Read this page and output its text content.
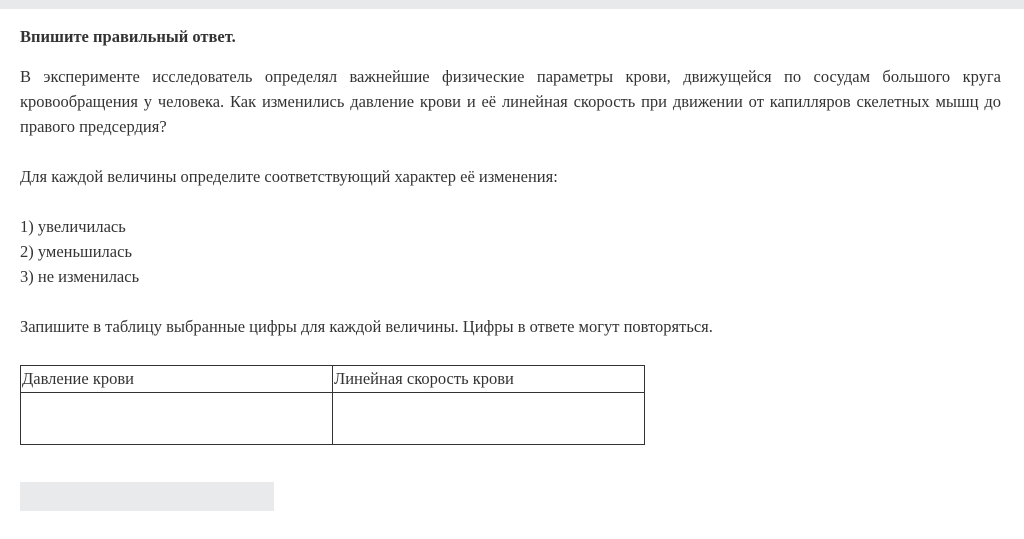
Впишите правильный ответ.

В эксперименте исследователь определял важнейшие физические параметры крови, движущейся по сосудам большого круга кровообращения у человека. Как изменились давление крови и её линейная скорость при движении от капилляров скелетных мышц до правого предсердия?

Для каждой величины определите соответствующий характер её изменения:

1) увеличилась
2) уменьшилась
3) не изменилась

Запишите в таблицу выбранные цифры для каждой величины. Цифры в ответе могут повторяться.

Давление крови	Линейная скорость крови
